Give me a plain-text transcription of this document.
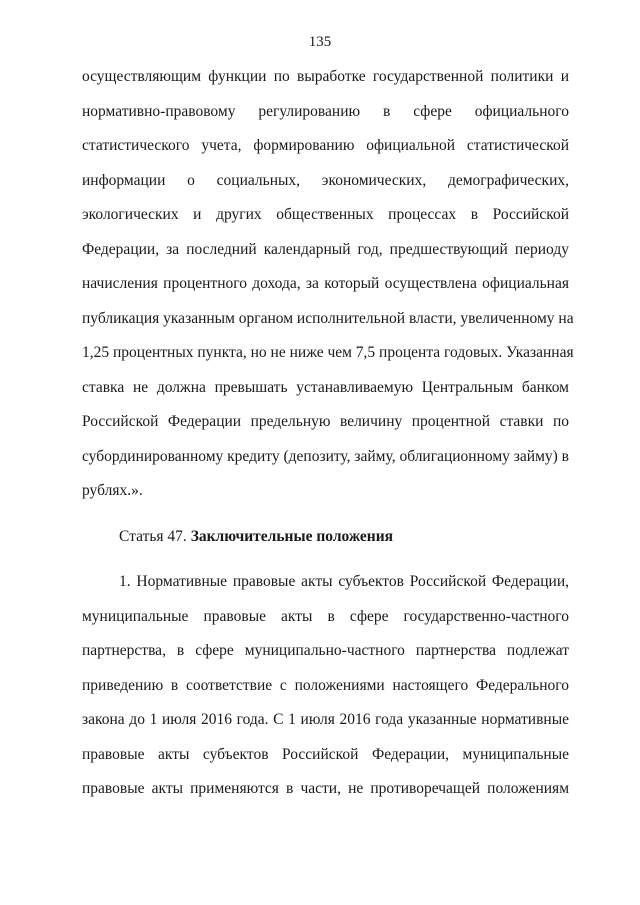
135
осуществляющим функции по выработке государственной политики и
нормативно-правовому регулированию в сфере официального
статистического учета, формированию официальной статистической
информации о социальных, экономических, демографических,
экологических и других общественных процессах в Российской
Федерации, за последний календарный год, предшествующий периоду
начисления процентного дохода, за который осуществлена официальная
публикация указанным органом исполнительной власти, увеличенному на
1,25 процентных пункта, но не ниже чем 7,5 процента годовых. Указанная
ставка не должна превышать устанавливаемую Центральным банком
Российской Федерации предельную величину процентной ставки по
субординированному кредиту (депозиту, займу, облигационному займу) в
рублях.».
Статья 47. Заключительные положения
1. Нормативные правовые акты субъектов Российской Федерации,
муниципальные правовые акты в сфере государственно-частного
партнерства, в сфере муниципально-частного партнерства подлежат
приведению в соответствие с положениями настоящего Федерального
закона до 1 июля 2016 года. С 1 июля 2016 года указанные нормативные
правовые акты субъектов Российской Федерации, муниципальные
правовые акты применяются в части, не противоречащей положениям
